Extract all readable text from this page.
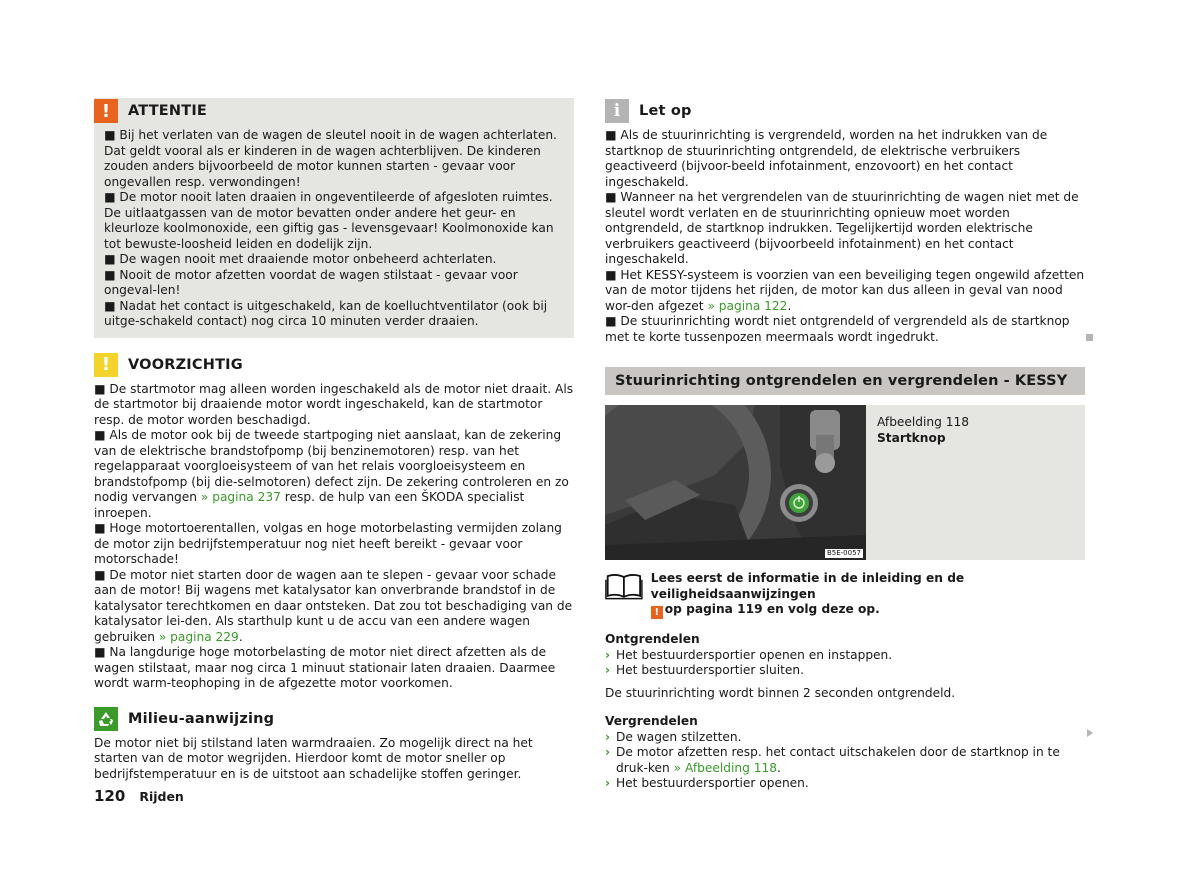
!	ATTENTIE

■ Bij het verlaten van de wagen de sleutel nooit in de wagen achterlaten. Dat geldt vooral als er kinderen in de wagen achterblijven. De kinderen zouden anders bijvoorbeeld de motor kunnen starten - gevaar voor ongevallen resp. verwondingen!

■ De motor nooit laten draaien in ongeventileerde of afgesloten ruimtes. De uitlaatgassen van de motor bevatten onder andere het geur- en kleurloze koolmonoxide, een giftig gas - levensgevaar! Koolmonoxide kan tot bewuste-loosheid leiden en dodelijk zijn.

■ De wagen nooit met draaiende motor onbeheerd achterlaten.

■ Nooit de motor afzetten voordat de wagen stilstaat - gevaar voor ongeval-len!

■ Nadat het contact is uitgeschakeld, kan de koelluchtventilator (ook bij uitge-schakeld contact) nog circa 10 minuten verder draaien.

!	VOORZICHTIG

■ De startmotor mag alleen worden ingeschakeld als de motor niet draait. Als de startmotor bij draaiende motor wordt ingeschakeld, kan de startmotor resp. de motor worden beschadigd.

■ Als de motor ook bij de tweede startpoging niet aanslaat, kan de zekering van de elektrische brandstofpomp (bij benzinemotoren) resp. van het regelapparaat voorgloeisysteem of van het relais voorgloeisysteem en brandstofpomp (bij die-selmotoren) defect zijn. De zekering controleren en zo nodig vervangen » pagina 237 resp. de hulp van een ŠKODA specialist inroepen.

■ Hoge motortoerentallen, volgas en hoge motorbelasting vermijden zolang de motor zijn bedrijfstemperatuur nog niet heeft bereikt - gevaar voor motorschade!

■ De motor niet starten door de wagen aan te slepen - gevaar voor schade aan de motor! Bij wagens met katalysator kan onverbrande brandstof in de katalysator terechtkomen en daar ontsteken. Dat zou tot beschadiging van de katalysator lei-den. Als starthulp kunt u de accu van een andere wagen gebruiken » pagina 229.

■ Na langdurige hoge motorbelasting de motor niet direct afzetten als de wagen stilstaat, maar nog circa 1 minuut stationair laten draaien. Daarmee wordt warm-teophoping in de afgezette motor voorkomen.

Milieu-aanwijzing

De motor niet bij stilstand laten warmdraaien. Zo mogelijk direct na het starten van de motor wegrijden. Hierdoor komt de motor sneller op bedrijfstemperatuur en is de uitstoot aan schadelijke stoffen geringer.

i	Let op

■ Als de stuurinrichting is vergrendeld, worden na het indrukken van de startknop de stuurinrichting ontgrendeld, de elektrische verbruikers geactiveerd (bijvoor-beeld infotainment, enzovoort) en het contact ingeschakeld.

■ Wanneer na het vergrendelen van de stuurinrichting de wagen niet met de sleutel wordt verlaten en de stuurinrichting opnieuw moet worden ontgrendeld, de startknop indrukken. Tegelijkertijd worden elektrische verbruikers geactiveerd (bijvoorbeeld infotainment) en het contact ingeschakeld.

■ Het KESSY-systeem is voorzien van een beveiliging tegen ongewild afzetten van de motor tijdens het rijden, de motor kan dus alleen in geval van nood wor-den afgezet » pagina 122.

■ De stuurinrichting wordt niet ontgrendeld of vergrendeld als de startknop met te korte tussenpozen meermaals wordt ingedrukt.

Stuurinrichting ontgrendelen en vergrendelen - KESSY
B5E-0057
Afbeelding 118
Startknop
Lees eerst de informatie in de inleiding en de veiligheidsaanwijzingen
! op pagina 119 en volg deze op.
Ontgrendelen
› Het bestuurdersportier openen en instappen.
› Het bestuurdersportier sluiten.
De stuurinrichting wordt binnen 2 seconden ontgrendeld.
Vergrendelen
› De wagen stilzetten.
› De motor afzetten resp. het contact uitschakelen door de startknop in te druk-ken » Afbeelding 118.
› Het bestuurdersportier openen.
120 Rijden
